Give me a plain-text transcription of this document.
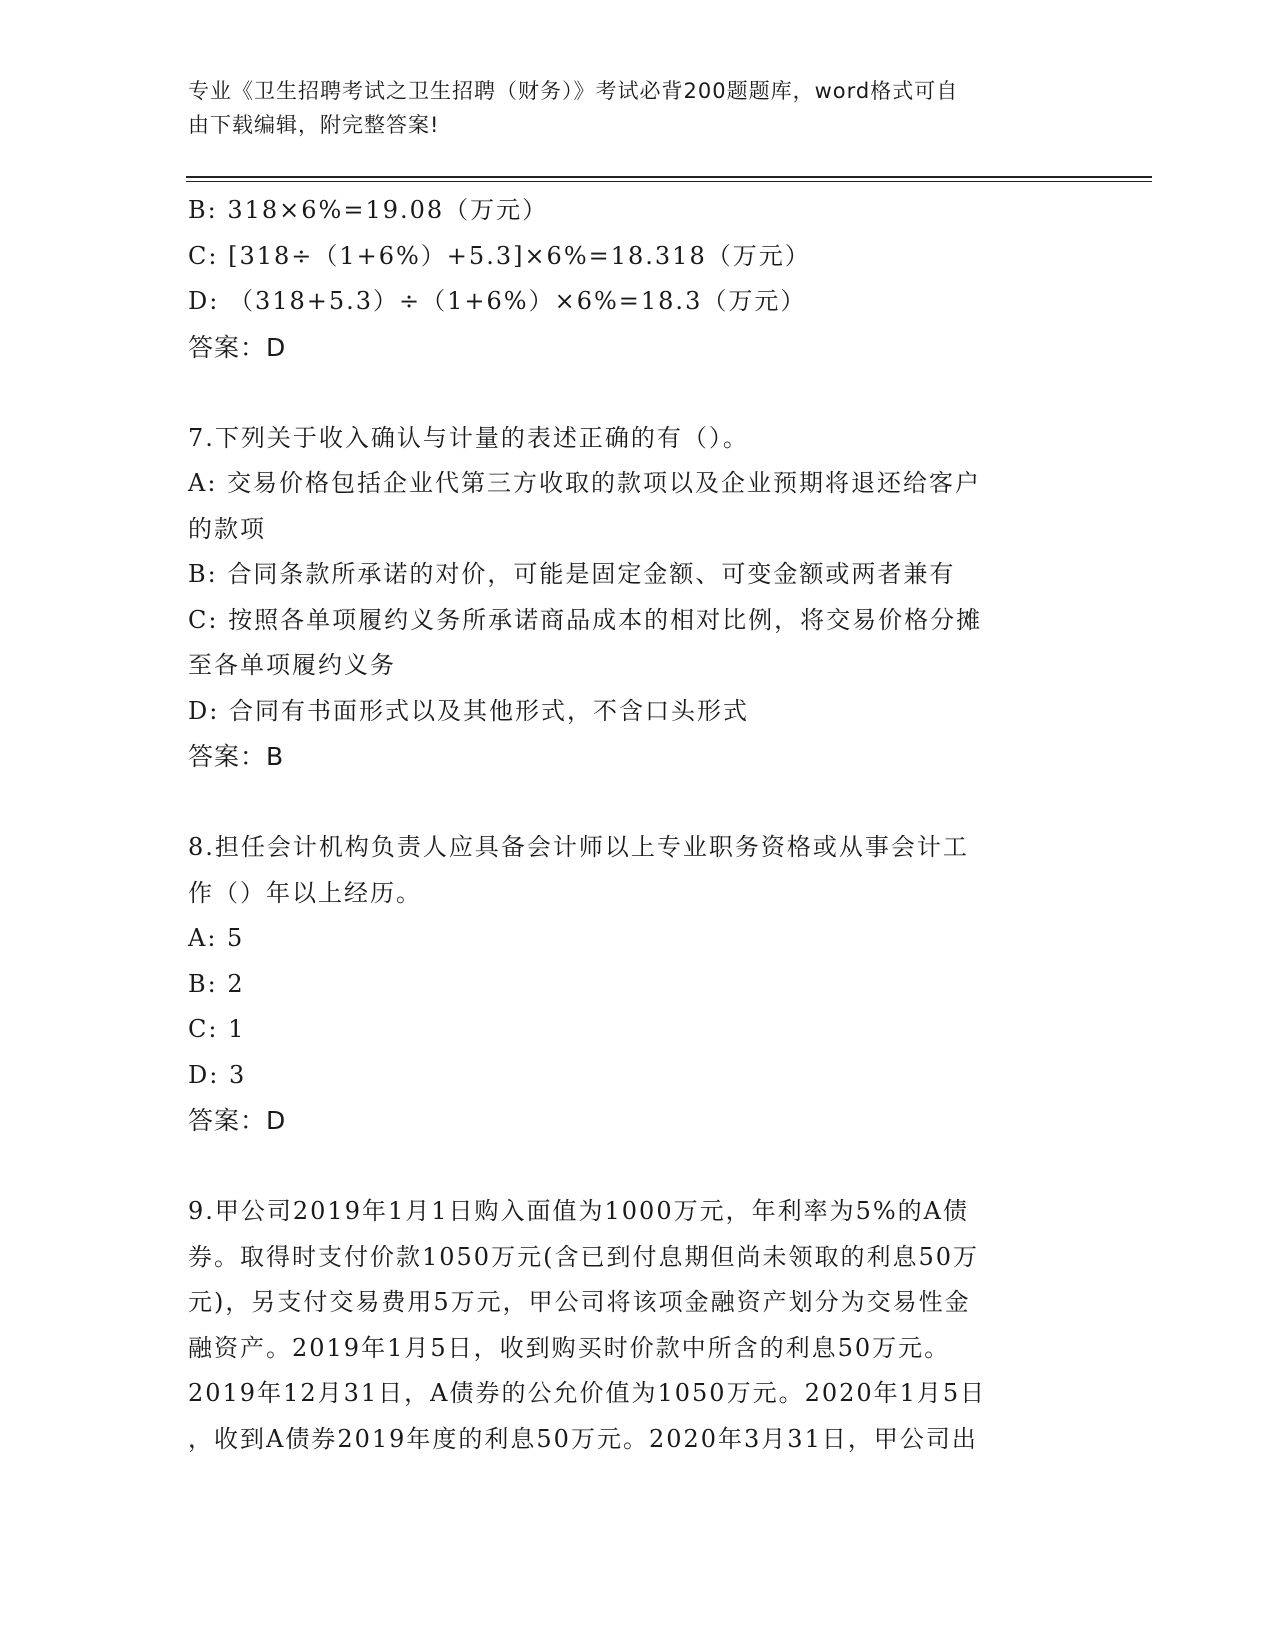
专业《卫生招聘考试之卫生招聘（财务）》考试必背200题题库，word格式可自
由下载编辑，附完整答案!
B: 318×6%=19.08（万元）
C: [318÷（1+6%）+5.3]×6%=18.318（万元）
D: （318+5.3）÷（1+6%）×6%=18.3（万元）
答案：D
7.下列关于收入确认与计量的表述正确的有（）。
A: 交易价格包括企业代第三方收取的款项以及企业预期将退还给客户
的款项
B: 合同条款所承诺的对价，可能是固定金额、可变金额或两者兼有
C: 按照各单项履约义务所承诺商品成本的相对比例，将交易价格分摊
至各单项履约义务
D: 合同有书面形式以及其他形式，不含口头形式
答案：B
8.担任会计机构负责人应具备会计师以上专业职务资格或从事会计工
作（）年以上经历。
A: 5
B: 2
C: 1
D: 3
答案：D
9.甲公司2019年1月1日购入面值为1000万元，年利率为5%的A债
券。取得时支付价款1050万元(含已到付息期但尚未领取的利息50万
元)，另支付交易费用5万元，甲公司将该项金融资产划分为交易性金
融资产。2019年1月5日，收到购买时价款中所含的利息50万元。
2019年12月31日，A债券的公允价值为1050万元。2020年1月5日
，收到A债券2019年度的利息50万元。2020年3月31日，甲公司出
